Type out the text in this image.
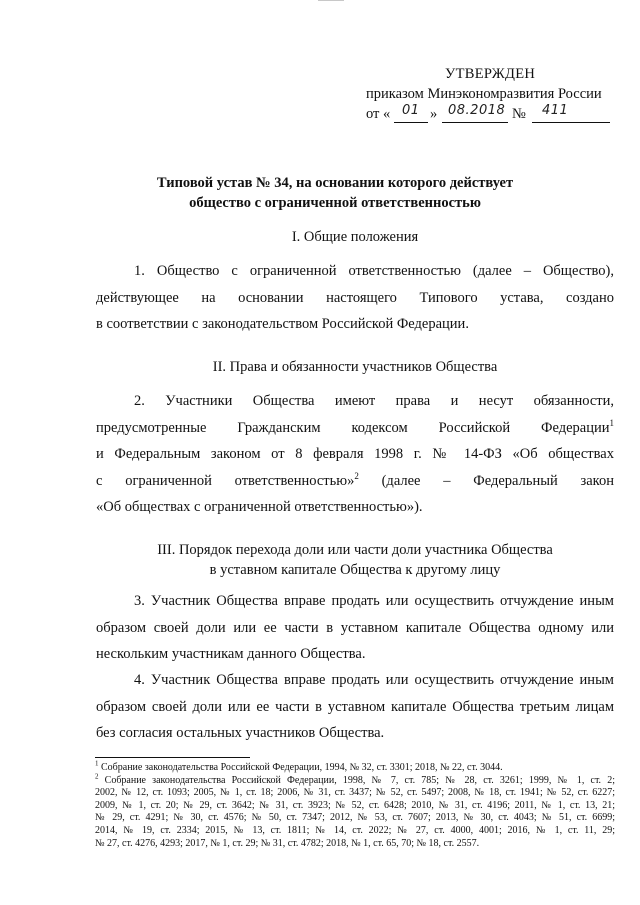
УТВЕРЖДЕН
приказом Минэкономразвития России
от « 01 » 08.2018 № 411
Типовой устав № 34, на основании которого действует
общество с ограниченной ответственностью
I. Общие положения
1. Общество с ограниченной ответственностью (далее – Общество),
действующее на основании настоящего Типового устава, создано
в соответствии с законодательством Российской Федерации.
II. Права и обязанности участников Общества
2. Участники Общества имеют права и несут обязанности,
предусмотренные Гражданским кодексом Российской Федерации$^1$
и Федеральным законом от 8 февраля 1998 г. № 14-ФЗ «Об обществах
с ограниченной ответственностью»$^2$ (далее – Федеральный закон
«Об обществах с ограниченной ответственностью»).
III. Порядок перехода доли или части доли участника Общества
в уставном капитале Общества к другому лицу
3. Участник Общества вправе продать или осуществить отчуждение иным
образом своей доли или ее части в уставном капитале Общества одному или
нескольким участникам данного Общества.
4. Участник Общества вправе продать или осуществить отчуждение иным
образом своей доли или ее части в уставном капитале Общества третьим лицам
без согласия остальных участников Общества.
$^1$ Собрание законодательства Российской Федерации, 1994, № 32, ст. 3301; 2018, № 22, ст. 3044.
$^2$ Собрание законодательства Российской Федерации, 1998, № 7, ст. 785; № 28, ст. 3261; 1999, № 1, ст. 2;
2002, № 12, ст. 1093; 2005, № 1, ст. 18; 2006, № 31, ст. 3437; № 52, ст. 5497; 2008, № 18, ст. 1941; № 52, ст. 6227;
2009, № 1, ст. 20; № 29, ст. 3642; № 31, ст. 3923; № 52, ст. 6428; 2010, № 31, ст. 4196; 2011, № 1, ст. 13, 21;
№ 29, ст. 4291; № 30, ст. 4576; № 50, ст. 7347; 2012, № 53, ст. 7607; 2013, № 30, ст. 4043; № 51, ст. 6699;
2014, № 19, ст. 2334; 2015, № 13, ст. 1811; № 14, ст. 2022; № 27, ст. 4000, 4001; 2016, № 1, ст. 11, 29;
№ 27, ст. 4276, 4293; 2017, № 1, ст. 29; № 31, ст. 4782; 2018, № 1, ст. 65, 70; № 18, ст. 2557.
